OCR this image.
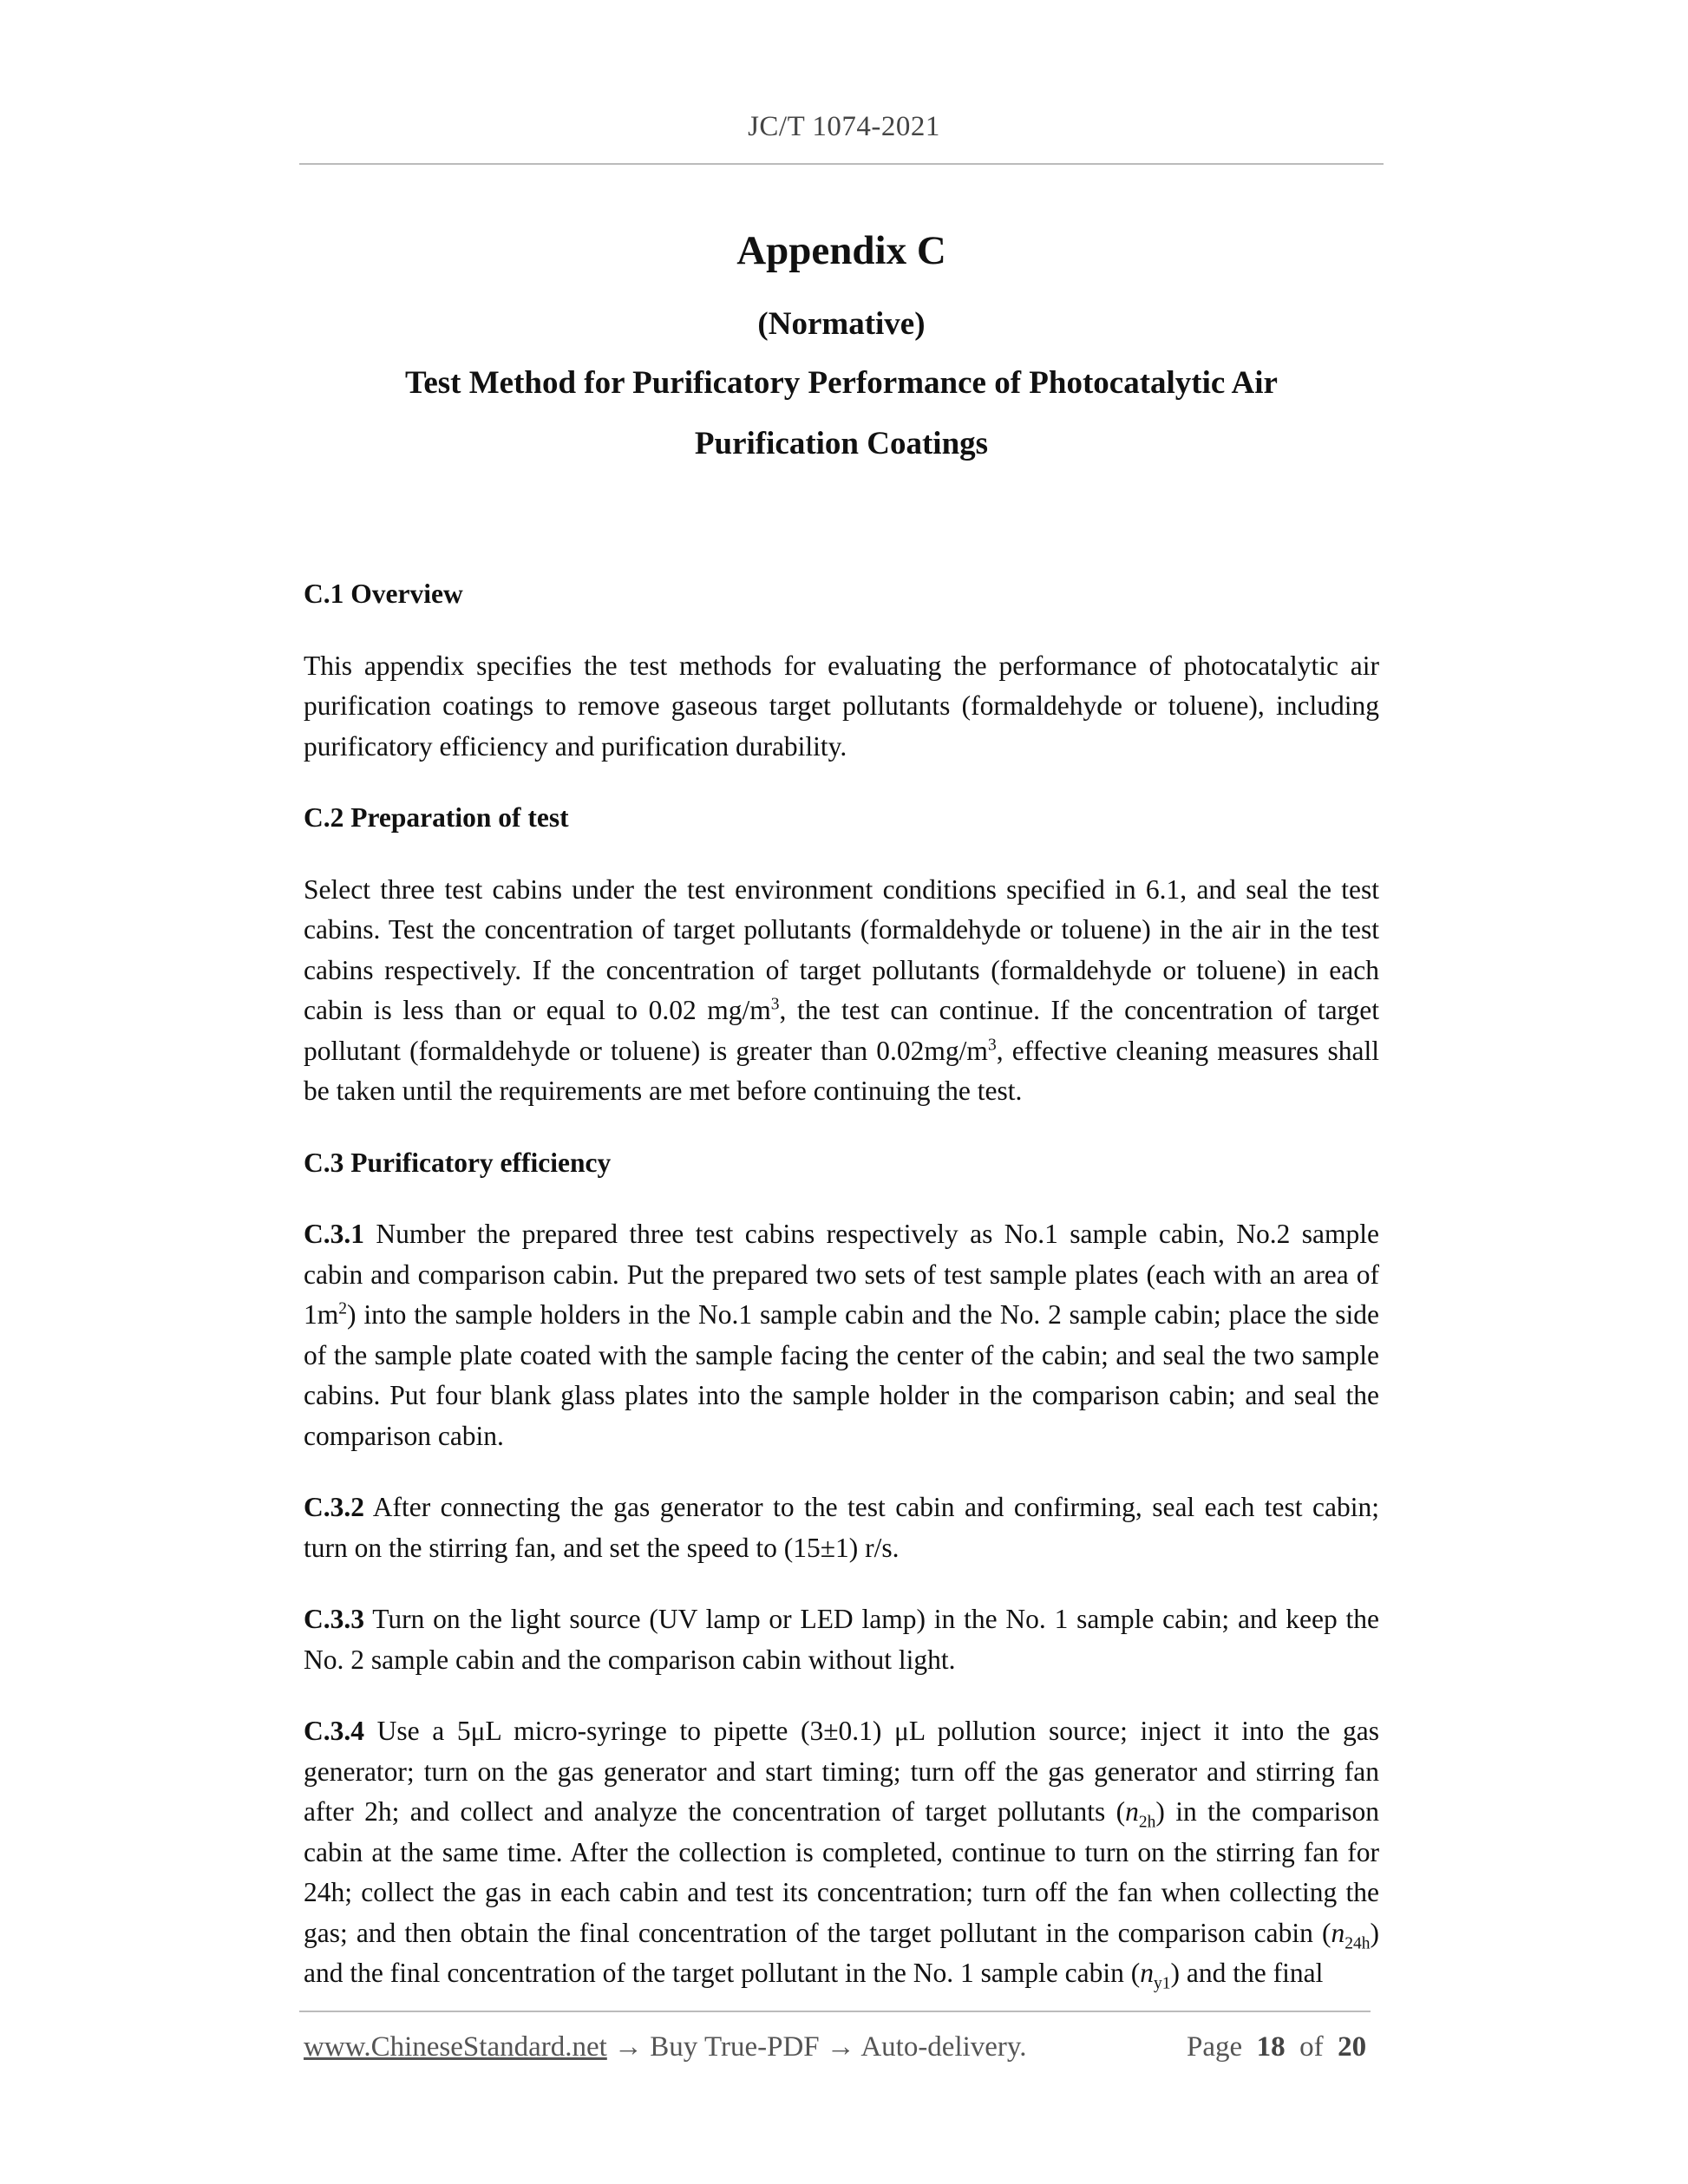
JC/T 1074-2021
Appendix C
(Normative)
Test Method for Purificatory Performance of Photocatalytic Air
Purification Coatings
C.1 Overview

This appendix specifies the test methods for evaluating the performance of photocatalytic air purification coatings to remove gaseous target pollutants (formaldehyde or toluene), including purificatory efficiency and purification durability.

C.2 Preparation of test

Select three test cabins under the test environment conditions specified in 6.1, and seal the test cabins. Test the concentration of target pollutants (formaldehyde or toluene) in the air in the test cabins respectively. If the concentration of target pollutants (formaldehyde or toluene) in each cabin is less than or equal to 0.02 $mg/m^3$, the test can continue. If the concentration of target pollutant (formaldehyde or toluene) is greater than $0.02mg/m^3$, effective cleaning measures shall be taken until the requirements are met before continuing the test.

C.3 Purificatory efficiency

C.3.1 Number the prepared three test cabins respectively as No.1 sample cabin, No.2 sample cabin and comparison cabin. Put the prepared two sets of test sample plates (each with an area of $1m^2$) into the sample holders in the No.1 sample cabin and the No. 2 sample cabin; place the side of the sample plate coated with the sample facing the center of the cabin; and seal the two sample cabins. Put four blank glass plates into the sample holder in the comparison cabin; and seal the comparison cabin.

C.3.2 After connecting the gas generator to the test cabin and confirming, seal each test cabin; turn on the stirring fan, and set the speed to (15±1) r/s.

C.3.3 Turn on the light source (UV lamp or LED lamp) in the No. 1 sample cabin; and keep the No. 2 sample cabin and the comparison cabin without light.

C.3.4 Use a 5μL micro-syringe to pipette (3±0.1) μL pollution source; inject it into the gas generator; turn on the gas generator and start timing; turn off the gas generator and stirring fan after 2h; and collect and analyze the concentration of target pollutants $(n_{2h})$ in the comparison cabin at the same time. After the collection is completed, continue to turn on the stirring fan for 24h; collect the gas in each cabin and test its concentration; turn off the fan when collecting the gas; and then obtain the final concentration of the target pollutant in the comparison cabin $(n_{24h})$ and the final concentration of the target pollutant in the No. 1 sample cabin $(n_{y1})$ and the final

www.ChineseStandard.net → Buy True-PDF → Auto-delivery.	Page 18 of 20
